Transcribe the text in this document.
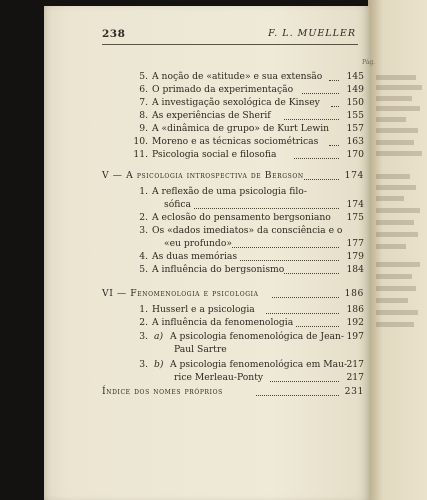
238	F. L. MUELLER
Pág.
5. A noção de «atitude» e sua extensão	145
6. O primado da experimentação	149
7. A investigação sexológica de Kinsey	150
8. As experiências de Sherif	155
9. A «dinâmica de grupo» de Kurt Lewin	157
10. Moreno e as técnicas sociométricas	163
11. Psicologia social e filosofia	170
V — A psicologia introspectiva de Bergson	174
1. A reflexão de uma psicologia filo-
sófica	174
2. A eclosão do pensamento bergsoniano	175
3. Os «dados imediatos» da consciência e o
«eu profundo»	177
4. As duas memórias	179
5. A influência do bergsonismo	184
VI — Fenomenologia e psicologia	186
1. Husserl e a psicologia	186
2. A influência da fenomenologia	192
3. a) A psicologia fenomenológica de Jean- 197
Paul Sartre
3. b) A psicologia fenomenológica em Mau- 217
rice Merleau-Ponty	217
Índice dos nomes próprios	231
